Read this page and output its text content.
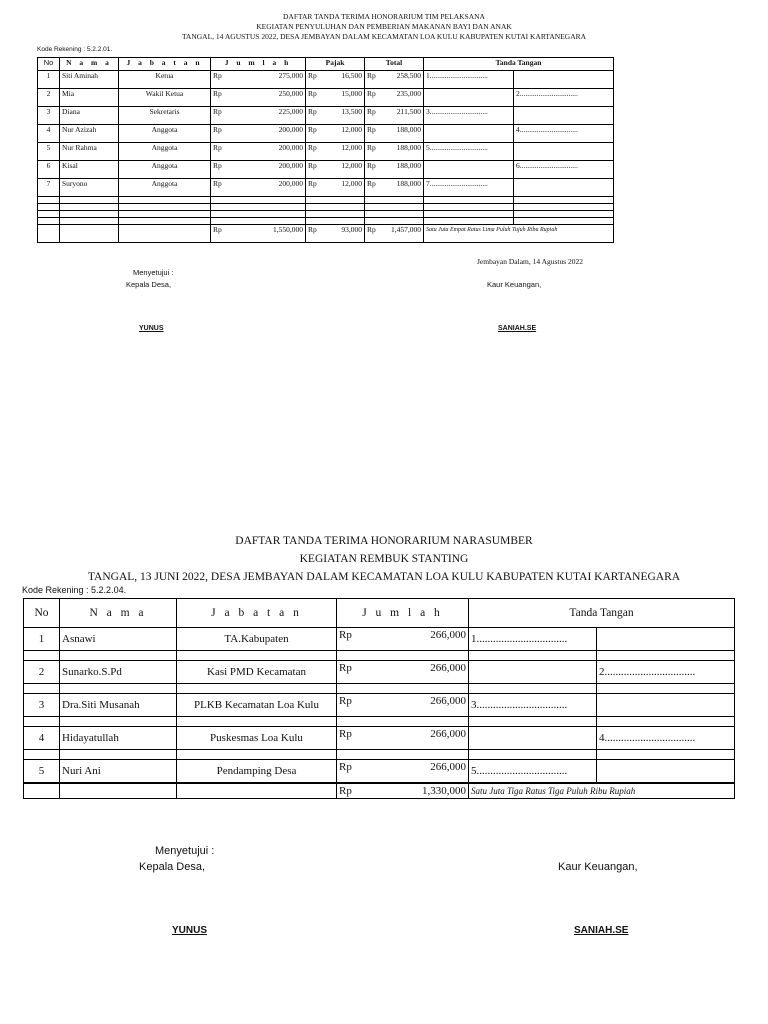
DAFTAR TANDA TERIMA HONORARIUM TIM PELAKSANA
KEGIATAN PENYULUHAN DAN PEMBERIAN MAKANAN BAYI DAN ANAK
TANGAL, 14 AGUSTUS 2022, DESA JEMBAYAN DALAM KECAMATAN LOA KULU KABUPATEN KUTAI KARTANEGARA
Kode Rekening : 5.2.2.01.
No	N a m a	J a b a t a n	J u m l a h		Pajak		Total		Tanda Tangan	
1	Siti Aminah	Ketua	Rp	275,000	Rp	16,500	Rp	258,500	1...............................	
2	Mia	Wakil Ketua	Rp	250,000	Rp	15,000	Rp	235,000		2...............................
3	Diana	Sekretaris	Rp	225,000	Rp	13,500	Rp	211,500	3...............................	
4	Nur Azizah	Anggota	Rp	200,000	Rp	12,000	Rp	188,000		4...............................
5	Nur Rahma	Anggota	Rp	200,000	Rp	12,000	Rp	188,000	5...............................	
6	Kisal	Anggota	Rp	200,000	Rp	12,000	Rp	188,000		6...............................
7	Suryono	Anggota	Rp	200,000	Rp	12,000	Rp	188,000	7...............................	

			Rp	1,550,000	Rp	93,000	Rp	1,457,000	Satu Juta Empat Ratus Lima Puluh Tujuh Ribu Rupiah	
Jembayan Dalam, 14 Agustus 2022
Menyetujui :
Kepala Desa,	Kaur Keuangan,
YUNUS	SANIAH.SE
DAFTAR TANDA TERIMA HONORARIUM NARASUMBER
KEGIATAN REMBUK STANTING
TANGAL, 13 JUNI 2022, DESA JEMBAYAN DALAM KECAMATAN LOA KULU KABUPATEN KUTAI KARTANEGARA
Kode Rekening : 5.2.2.04.
No	N a m a	J a b a t a n	J u m l a h		Tanda Tangan	
1	Asnawi	TA.Kabupaten	Rp	266,000	1.................................	

2	Sunarko.S.Pd	Kasi PMD Kecamatan	Rp	266,000		2.................................

3	Dra.Siti Musanah	PLKB Kecamatan Loa Kulu	Rp	266,000	3.................................	

4	Hidayatullah	Puskesmas Loa Kulu	Rp	266,000		4.................................

5	Nuri Ani	Pendamping Desa	Rp	266,000	5.................................	
			Rp	1,330,000	Satu Juta Tiga Ratus Tiga Puluh Ribu Rupiah	
Menyetujui :
Kepala Desa,	Kaur Keuangan,
YUNUS	SANIAH.SE
